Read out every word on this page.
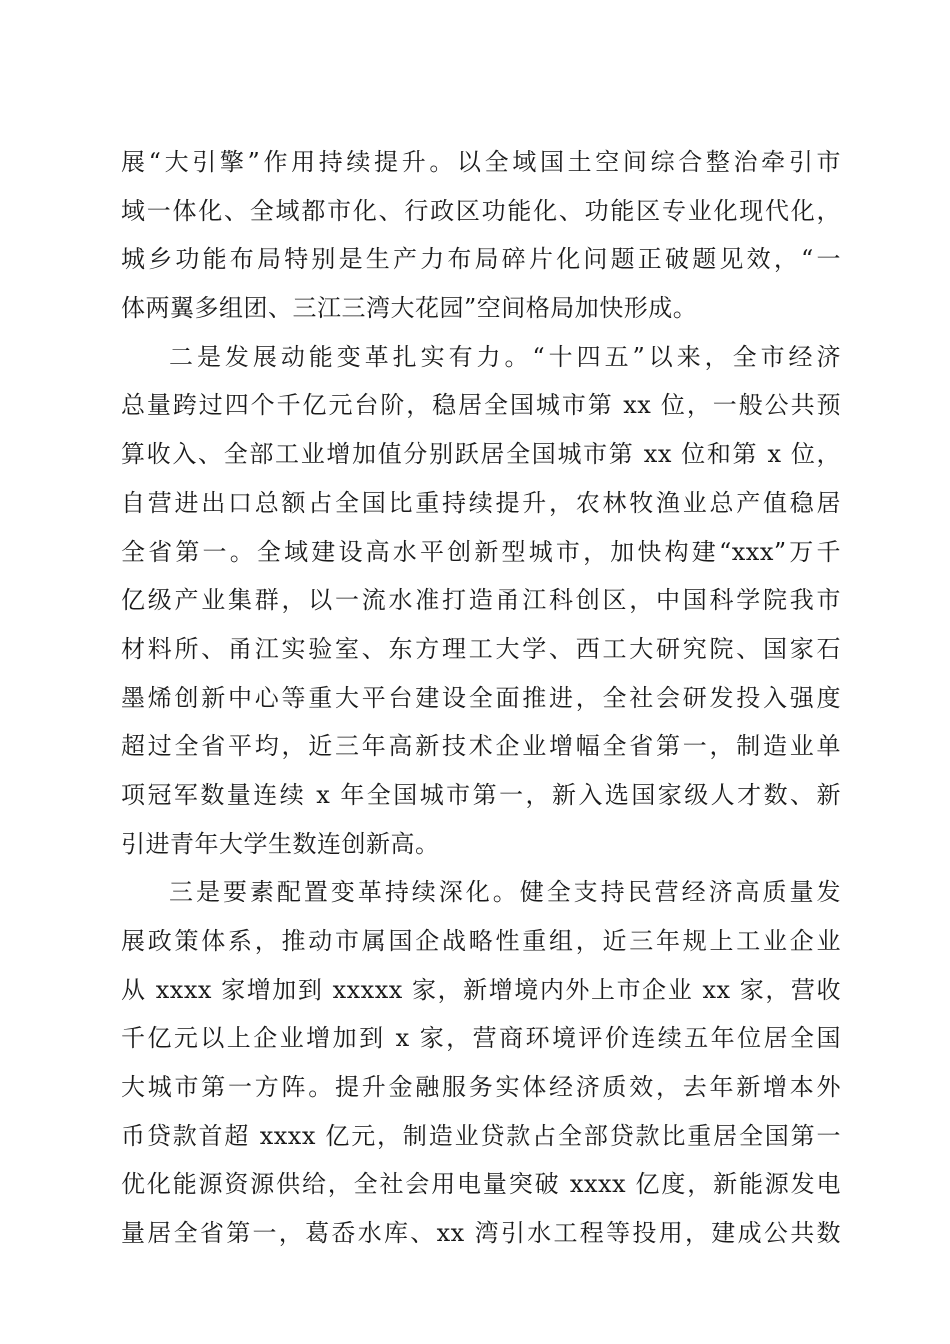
展“大引擎”作用持续提升。以全域国土空间综合整治牵引市
域一体化、全域都市化、行政区功能化、功能区专业化现代化，
城乡功能布局特别是生产力布局碎片化问题正破题见效，“一
体两翼多组团、三江三湾大花园”空间格局加快形成。
二是发展动能变革扎实有力。“十四五”以来，全市经济
总量跨过四个千亿元台阶，稳居全国城市第 xx 位，一般公共预
算收入、全部工业增加值分别跃居全国城市第 xx 位和第 x 位，
自营进出口总额占全国比重持续提升，农林牧渔业总产值稳居
全省第一。全域建设高水平创新型城市，加快构建“xxx”万千
亿级产业集群，以一流水准打造甬江科创区，中国科学院我市
材料所、甬江实验室、东方理工大学、西工大研究院、国家石
墨烯创新中心等重大平台建设全面推进，全社会研发投入强度
超过全省平均，近三年高新技术企业增幅全省第一，制造业单
项冠军数量连续 x 年全国城市第一，新入选国家级人才数、新
引进青年大学生数连创新高。
三是要素配置变革持续深化。健全支持民营经济高质量发
展政策体系，推动市属国企战略性重组，近三年规上工业企业
从 xxxx 家增加到 xxxxx 家，新增境内外上市企业 xx 家，营收
千亿元以上企业增加到 x 家，营商环境评价连续五年位居全国
大城市第一方阵。提升金融服务实体经济质效，去年新增本外
币贷款首超 xxxx 亿元，制造业贷款占全部贷款比重居全国第一
优化能源资源供给，全社会用电量突破 xxxx 亿度，新能源发电
量居全省第一，葛岙水库、xx 湾引水工程等投用，建成公共数
